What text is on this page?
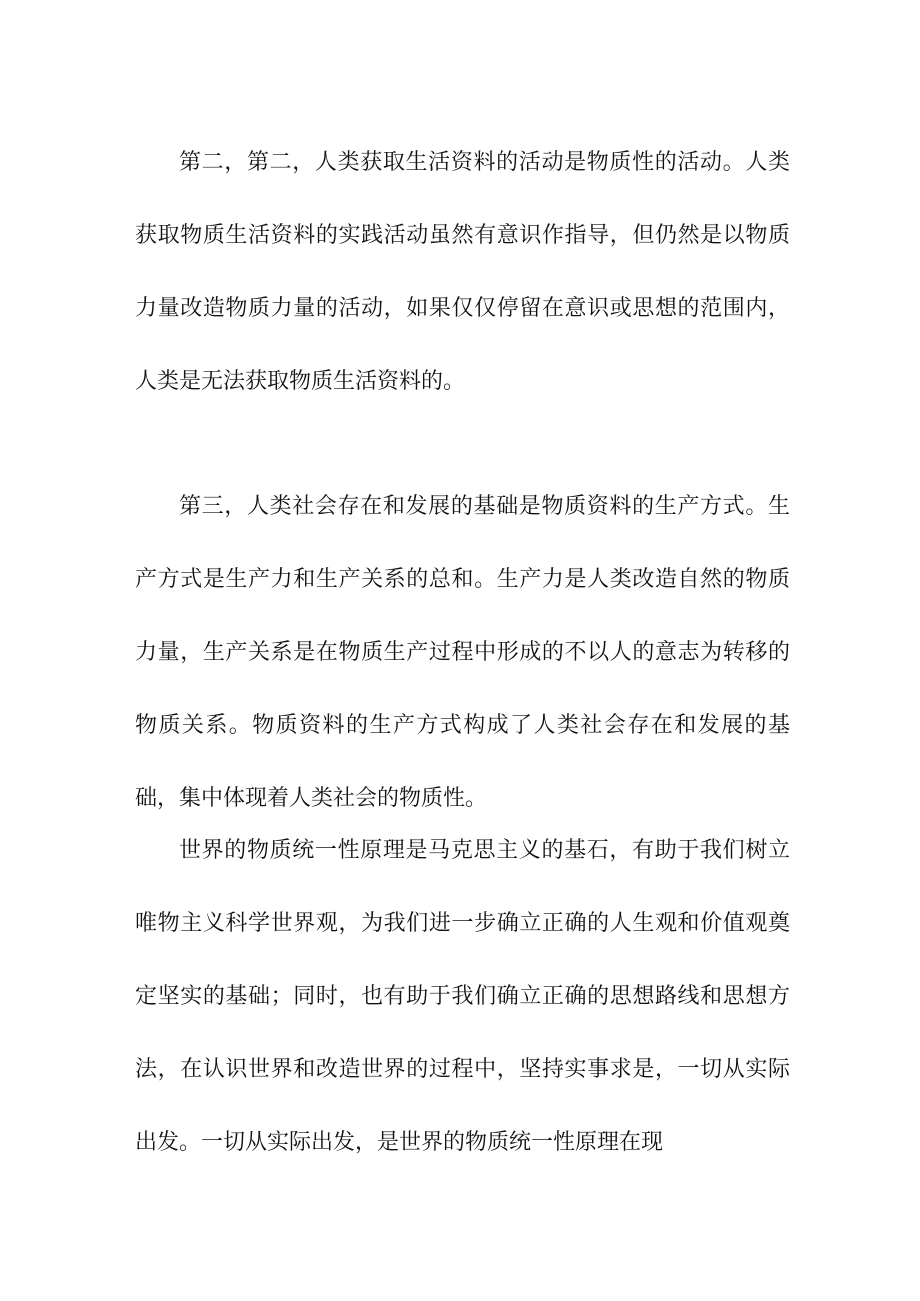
第二，第二，人类获取生活资料的活动是物质性的活动。人类获取物质生活资料的实践活动虽然有意识作指导，但仍然是以物质力量改造物质力量的活动，如果仅仅停留在意识或思想的范围内，人类是无法获取物质生活资料的。

第三，人类社会存在和发展的基础是物质资料的生产方式。生产方式是生产力和生产关系的总和。生产力是人类改造自然的物质力量，生产关系是在物质生产过程中形成的不以人的意志为转移的物质关系。物质资料的生产方式构成了人类社会存在和发展的基础，集中体现着人类社会的物质性。

世界的物质统一性原理是马克思主义的基石，有助于我们树立唯物主义科学世界观，为我们进一步确立正确的人生观和价值观奠定坚实的基础；同时，也有助于我们确立正确的思想路线和思想方法，在认识世界和改造世界的过程中，坚持实事求是，一切从实际出发。一切从实际出发，是世界的物质统一性原理在现
